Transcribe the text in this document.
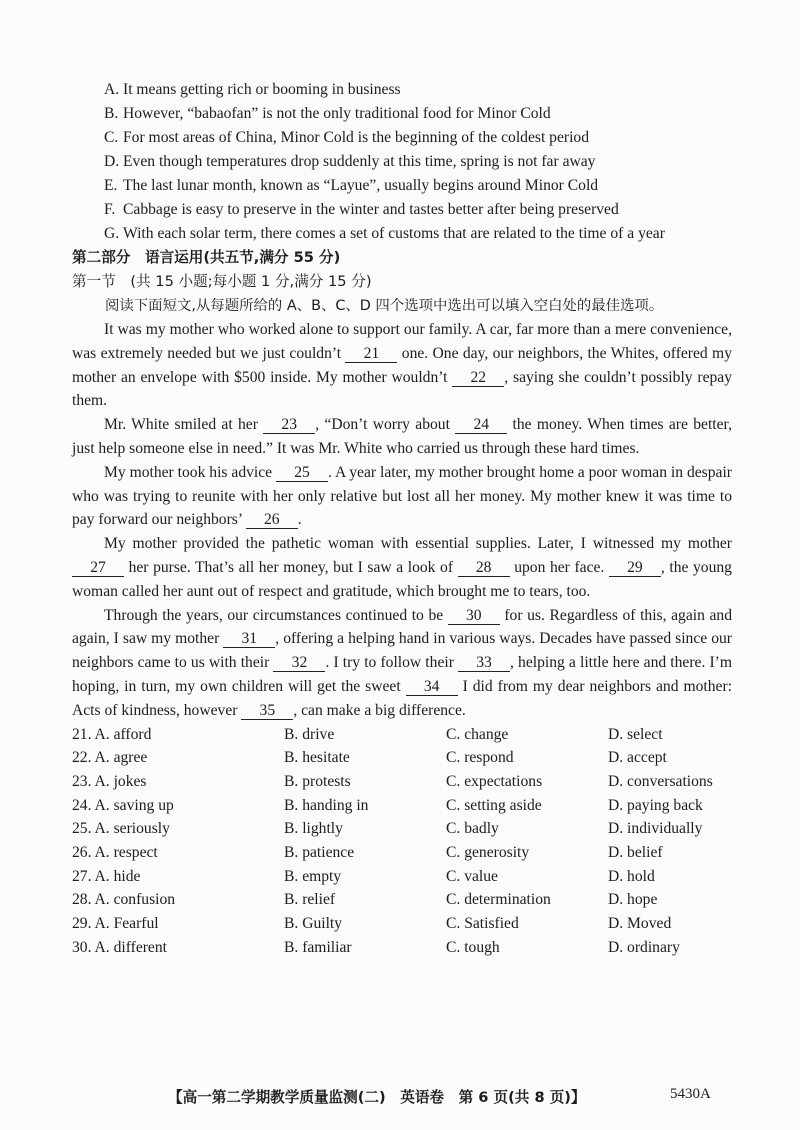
A. It means getting rich or booming in business
B. However, “babaofan” is not the only traditional food for Minor Cold
C. For most areas of China, Minor Cold is the beginning of the coldest period
D. Even though temperatures drop suddenly at this time, spring is not far away
E. The last lunar month, known as “Layue”, usually begins around Minor Cold
F. Cabbage is easy to preserve in the winter and tastes better after being preserved
G. With each solar term, there comes a set of customs that are related to the time of a year
第二部分　语言运用(共五节,满分 55 分)
第一节　(共 15 小题;每小题 1 分,满分 15 分)
阅读下面短文,从每题所给的 A、B、C、D 四个选项中选出可以填入空白处的最佳选项。

It was my mother who worked alone to support our family. A car, far more than a mere convenience, was extremely needed but we just couldn’t 21 one. One day, our neighbors, the Whites, offered my mother an envelope with $500 inside. My mother wouldn’t 22 , saying she couldn’t possibly repay them.

Mr. White smiled at her 23 , “Don’t worry about 24 the money. When times are better, just help someone else in need.” It was Mr. White who carried us through these hard times.

My mother took his advice 25 . A year later, my mother brought home a poor woman in despair who was trying to reunite with her only relative but lost all her money. My mother knew it was time to pay forward our neighbors’ 26 .

My mother provided the pathetic woman with essential supplies. Later, I witnessed my mother 27 her purse. That’s all her money, but I saw a look of 28 upon her face. 29 , the young woman called her aunt out of respect and gratitude, which brought me to tears, too.

Through the years, our circumstances continued to be 30 for us. Regardless of this, again and again, I saw my mother 31 , offering a helping hand in various ways. Decades have passed since our neighbors came to us with their 32 . I try to follow their 33 , helping a little here and there. I’m hoping, in turn, my own children will get the sweet 34 I did from my dear neighbors and mother: Acts of kindness, however 35 , can make a big difference.

21. A. afford	B. drive	C. change	D. select
22. A. agree	B. hesitate	C. respond	D. accept
23. A. jokes	B. protests	C. expectations	D. conversations
24. A. saving up	B. handing in	C. setting aside	D. paying back
25. A. seriously	B. lightly	C. badly	D. individually
26. A. respect	B. patience	C. generosity	D. belief
27. A. hide	B. empty	C. value	D. hold
28. A. confusion	B. relief	C. determination	D. hope
29. A. Fearful	B. Guilty	C. Satisfied	D. Moved
30. A. different	B. familiar	C. tough	D. ordinary
【高一第二学期教学质量监测(二)　英语卷　第 6 页(共 8 页)】	5430A
